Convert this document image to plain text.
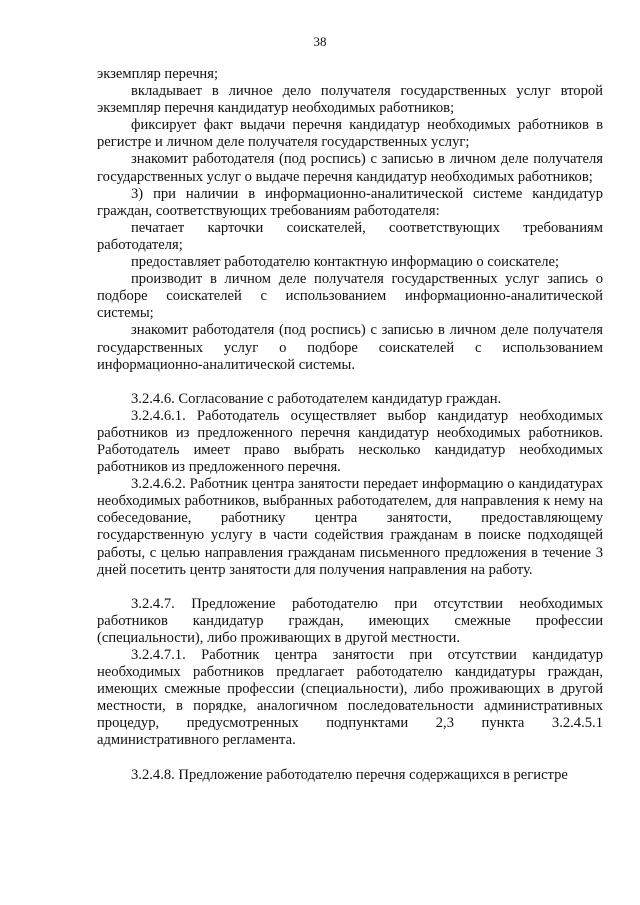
38

экземпляр перечня;

вкладывает в личное дело получателя государственных услуг второй экземпляр перечня кандидатур необходимых работников;

фиксирует факт выдачи перечня кандидатур необходимых работников в регистре и личном деле получателя государственных услуг;

знакомит работодателя (под роспись) с записью в личном деле получателя государственных услуг о выдаче перечня кандидатур необходимых работников;

3) при наличии в информационно-аналитической системе кандидатур граждан, соответствующих требованиям работодателя:

печатает карточки соискателей, соответствующих требованиям работодателя;

предоставляет работодателю контактную информацию о соискателе;

производит в личном деле получателя государственных услуг запись о подборе соискателей с использованием информационно-аналитической системы;

знакомит работодателя (под роспись) с записью в личном деле получателя государственных услуг о подборе соискателей с использованием информационно-аналитической системы.

3.2.4.6. Согласование с работодателем кандидатур граждан.

3.2.4.6.1. Работодатель осуществляет выбор кандидатур необходимых работников из предложенного перечня кандидатур необходимых работников. Работодатель имеет право выбрать несколько кандидатур необходимых работников из предложенного перечня.

3.2.4.6.2. Работник центра занятости передает информацию о кандидатурах необходимых работников, выбранных работодателем, для направления к нему на собеседование, работнику центра занятости, предоставляющему государственную услугу в части содействия гражданам в поиске подходящей работы, с целью направления гражданам письменного предложения в течение 3 дней посетить центр занятости для получения направления на работу.

3.2.4.7. Предложение работодателю при отсутствии необходимых работников кандидатур граждан, имеющих смежные профессии (специальности), либо проживающих в другой местности.

3.2.4.7.1. Работник центра занятости при отсутствии кандидатур необходимых работников предлагает работодателю кандидатуры граждан, имеющих смежные профессии (специальности), либо проживающих в другой местности, в порядке, аналогичном последовательности административных процедур, предусмотренных подпунктами 2,3 пункта 3.2.4.5.1 административного регламента.

3.2.4.8. Предложение работодателю перечня содержащихся в регистре
